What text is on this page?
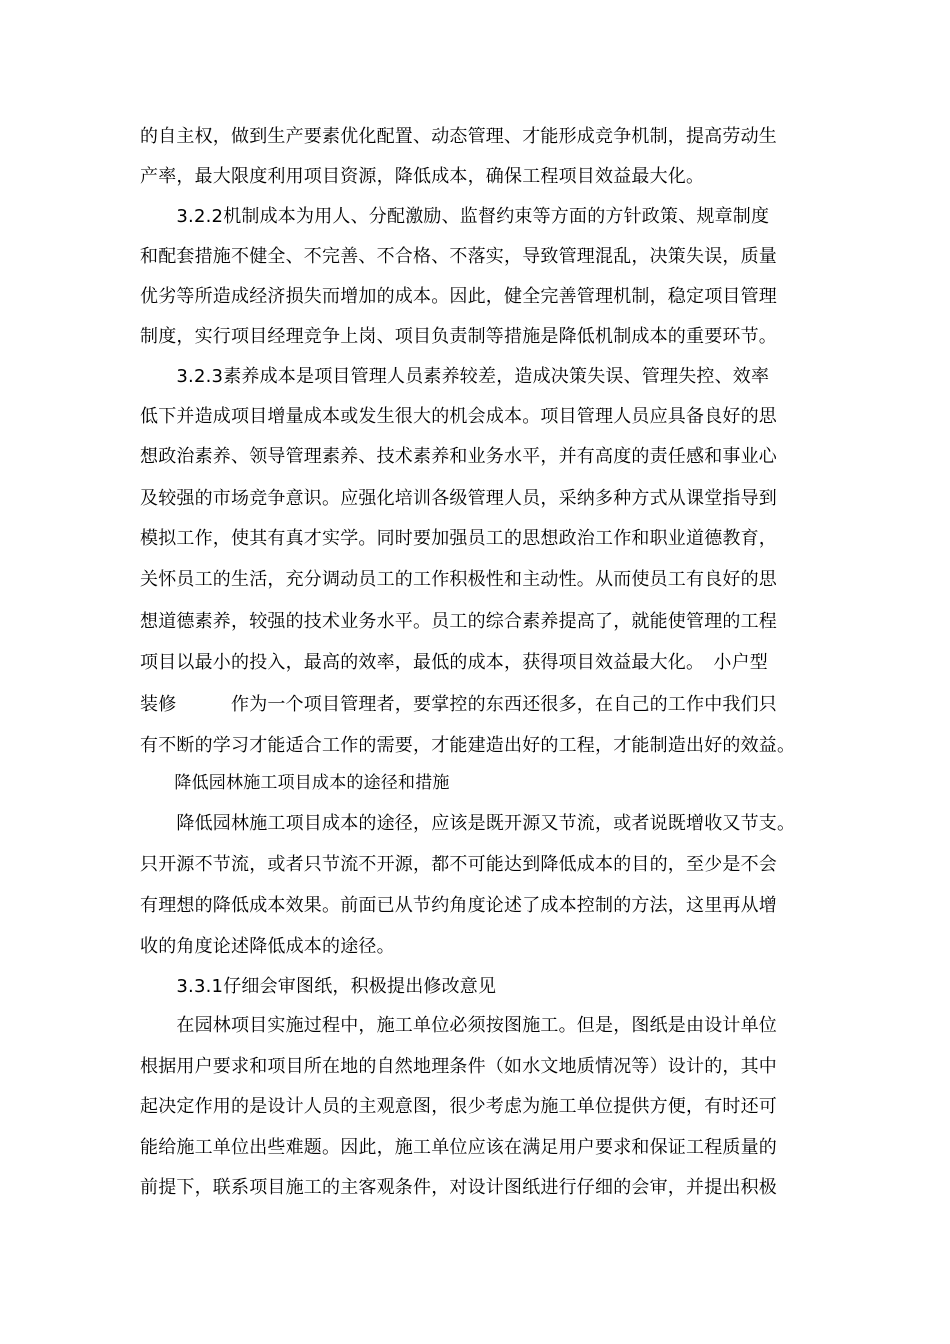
的自主权，做到生产要素优化配置、动态管理、才能形成竞争机制，提高劳动生

产率，最大限度利用项目资源，降低成本，确保工程项目效益最大化。

　　3.2.2机制成本为用人、分配激励、监督约束等方面的方针政策、规章制度

和配套措施不健全、不完善、不合格、不落实，导致管理混乱，决策失误，质量

优劣等所造成经济损失而增加的成本。因此，健全完善管理机制，稳定项目管理

制度，实行项目经理竞争上岗、项目负责制等措施是降低机制成本的重要环节。

　　3.2.3素养成本是项目管理人员素养较差，造成决策失误、管理失控、效率

低下并造成项目增量成本或发生很大的机会成本。项目管理人员应具备良好的思

想政治素养、领导管理素养、技术素养和业务水平，并有高度的责任感和事业心

及较强的市场竞争意识。应强化培训各级管理人员，采纳多种方式从课堂指导到

模拟工作，使其有真才实学。同时要加强员工的思想政治工作和职业道德教育，

关怀员工的生活，充分调动员工的工作积极性和主动性。从而使员工有良好的思

想道德素养，较强的技术业务水平。员工的综合素养提高了，就能使管理的工程

项目以最小的投入，最高的效率，最低的成本，获得项目效益最大化。　小户型

装修　　　作为一个项目管理者，要掌控的东西还很多，在自己的工作中我们只

有不断的学习才能适合工作的需要，才能建造出好的工程，才能制造出好的效益。

　　降低园林施工项目成本的途径和措施

　　降低园林施工项目成本的途径，应该是既开源又节流，或者说既增收又节支。

只开源不节流，或者只节流不开源，都不可能达到降低成本的目的，至少是不会

有理想的降低成本效果。前面已从节约角度论述了成本控制的方法，这里再从增

收的角度论述降低成本的途径。

　　3.3.1仔细会审图纸，积极提出修改意见

　　在园林项目实施过程中，施工单位必须按图施工。但是，图纸是由设计单位

根据用户要求和项目所在地的自然地理条件（如水文地质情况等）设计的，其中

起决定作用的是设计人员的主观意图，很少考虑为施工单位提供方便，有时还可

能给施工单位出些难题。因此，施工单位应该在满足用户要求和保证工程质量的

前提下，联系项目施工的主客观条件，对设计图纸进行仔细的会审，并提出积极
